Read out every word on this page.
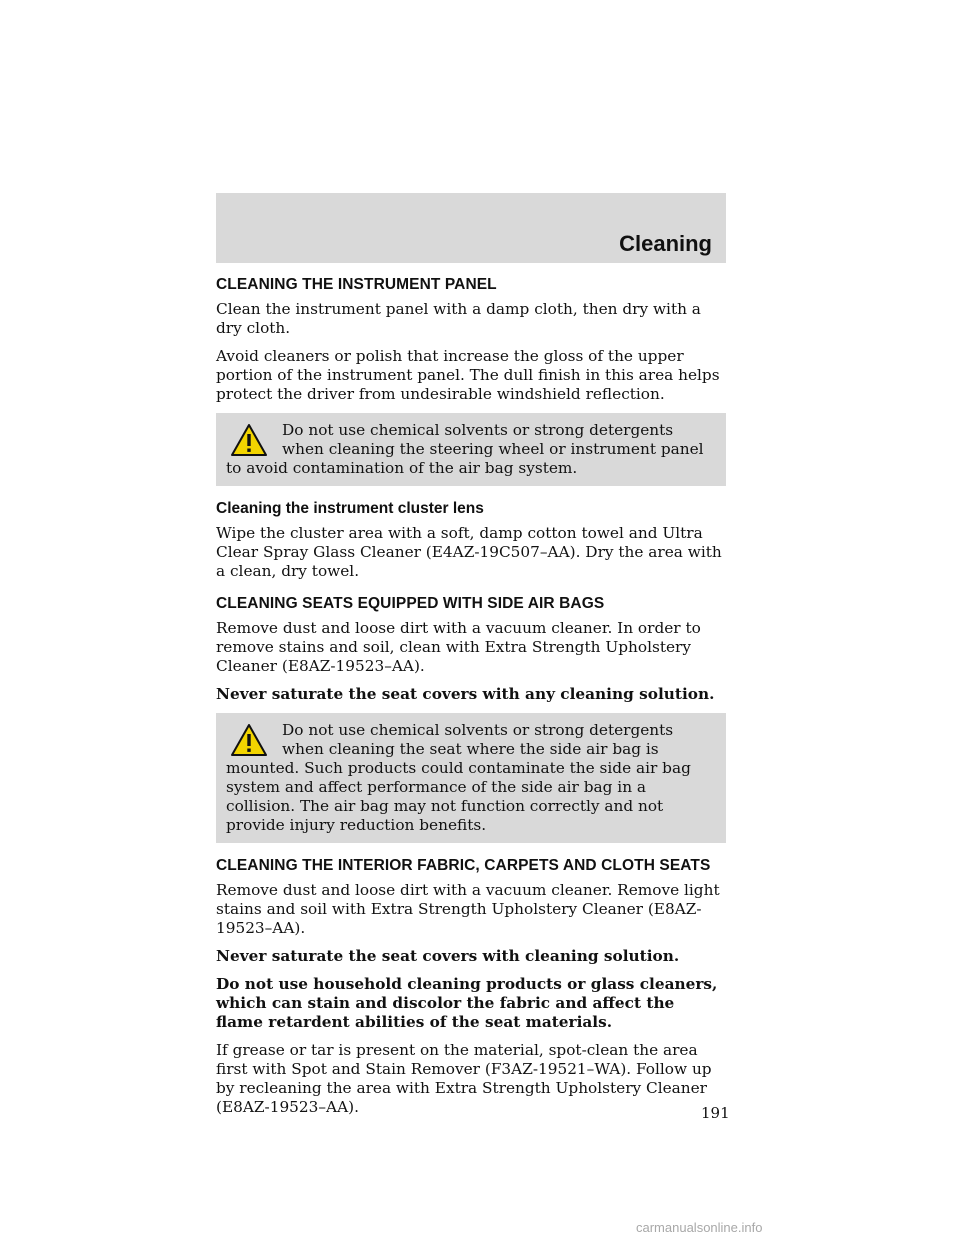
Cleaning
CLEANING THE INSTRUMENT PANEL

Clean the instrument panel with a damp cloth, then dry with a dry cloth.

Avoid cleaners or polish that increase the gloss of the upper portion of the instrument panel. The dull finish in this area helps protect the driver from undesirable windshield reflection.

Do not use chemical solvents or strong detergents when cleaning the steering wheel or instrument panel to avoid contamination of the air bag system.
Cleaning the instrument cluster lens

Wipe the cluster area with a soft, damp cotton towel and Ultra Clear Spray Glass Cleaner (E4AZ-19C507–AA). Dry the area with a clean, dry towel.

CLEANING SEATS EQUIPPED WITH SIDE AIR BAGS

Remove dust and loose dirt with a vacuum cleaner. In order to remove stains and soil, clean with Extra Strength Upholstery Cleaner (E8AZ-19523–AA).

Never saturate the seat covers with any cleaning solution.

Do not use chemical solvents or strong detergents when cleaning the seat where the side air bag is mounted. Such products could contaminate the side air bag system and affect performance of the side air bag in a collision. The air bag may not function correctly and not provide injury reduction benefits.
CLEANING THE INTERIOR FABRIC, CARPETS AND CLOTH SEATS

Remove dust and loose dirt with a vacuum cleaner. Remove light stains and soil with Extra Strength Upholstery Cleaner (E8AZ-19523–AA).

Never saturate the seat covers with cleaning solution.

Do not use household cleaning products or glass cleaners, which can stain and discolor the fabric and affect the flame retardent abilities of the seat materials.

If grease or tar is present on the material, spot-clean the area first with Spot and Stain Remover (F3AZ-19521–WA). Follow up by recleaning the area with Extra Strength Upholstery Cleaner (E8AZ-19523–AA).	191
carmanualsonline.info
